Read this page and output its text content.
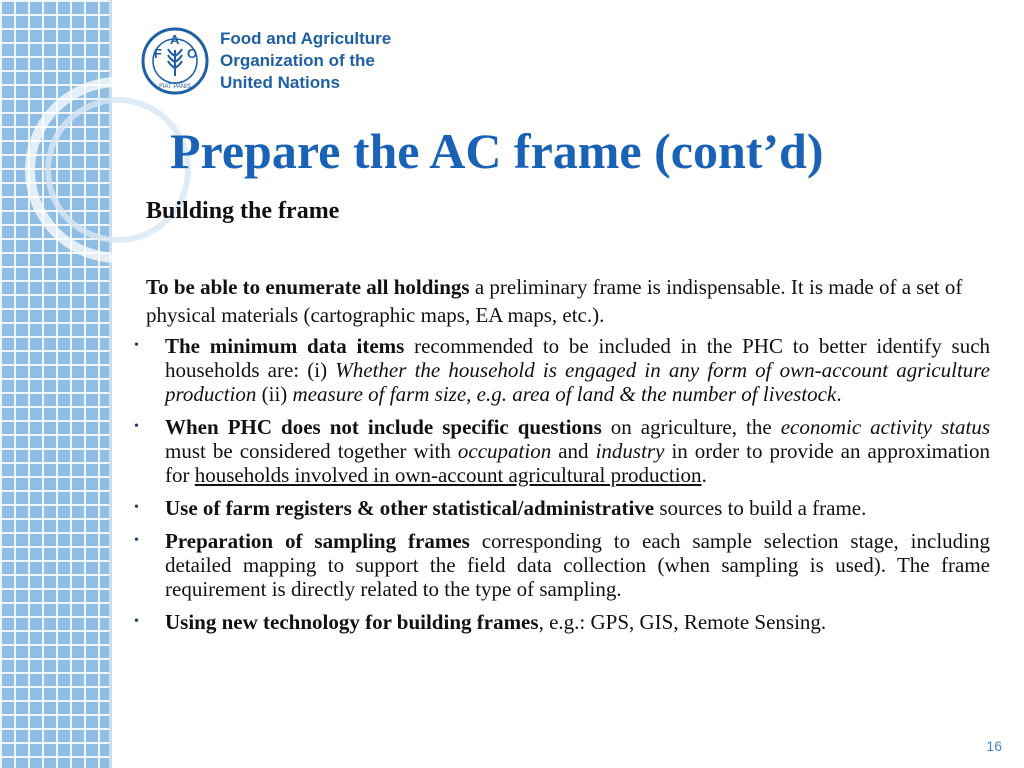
F
A
O
FIAT PANIS
Food and Agriculture
Organization of the
United Nations
Prepare the AC frame (cont’d)
Building the frame

To be able to enumerate all holdings a preliminary frame is indispensable. It is made of a set of physical materials (cartographic maps, EA maps, etc.).

• The minimum data items recommended to be included in the PHC to better identify such households are: (i) Whether the household is engaged in any form of own-account agriculture production (ii) measure of farm size, e.g. area of land & the number of livestock.
• When PHC does not include specific questions on agriculture, the economic activity status must be considered together with occupation and industry in order to provide an approximation for households involved in own-account agricultural production.
• Use of farm registers & other statistical/administrative sources to build a frame.
• Preparation of sampling frames corresponding to each sample selection stage, including detailed mapping to support the field data collection (when sampling is used). The frame requirement is directly related to the type of sampling.
• Using new technology for building frames, e.g.: GPS, GIS, Remote Sensing.
16
